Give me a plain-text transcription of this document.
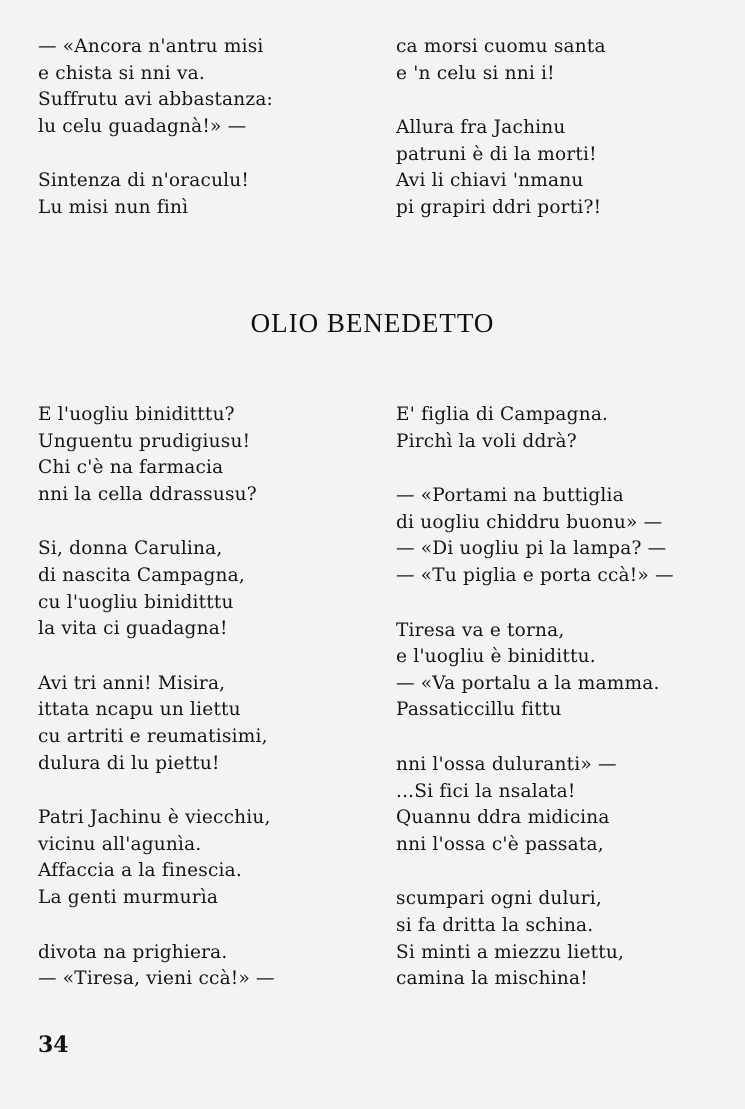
— «Ancora n'antru misi
e chista si nni va.
Suffrutu avi abbastanza:
lu celu guadagnà!» —
Sintenza di n'oraculu!
Lu misi nun finì
ca morsi cuomu santa
e 'n celu si nni i!
Allura fra Jachinu
patruni è di la morti!
Avi li chiavi 'nmanu
pi grapiri ddri porti?!
OLIO BENEDETTO
E l'uogliu biniditttu?
Unguentu prudigiusu!
Chi c'è na farmacia
nni la cella ddrassusu?
Si, donna Carulina,
di nascita Campagna,
cu l'uogliu biniditttu
la vita ci guadagna!
Avi tri anni! Misira,
ittata ncapu un liettu
cu artriti e reumatisimi,
dulura di lu piettu!
Patri Jachinu è viecchiu,
vicinu all'agunìa.
Affaccia a la finescia.
La genti murmurìa
divota na prighiera.
— «Tiresa, vieni ccà!» —
E' figlia di Campagna.
Pirchì la voli ddrà?
— «Portami na buttiglia
di uogliu chiddru buonu» —
— «Di uogliu pi la lampa? —
— «Tu piglia e porta ccà!» —
Tiresa va e torna,
e l'uogliu è binidittu.
— «Va portalu a la mamma.
Passaticcillu fittu
nni l'ossa duluranti» —
...Si fici la nsalata!
Quannu ddra midicina
nni l'ossa c'è passata,
scumpari ogni duluri,
si fa dritta la schina.
Si minti a miezzu liettu,
camina la mischina!
34
